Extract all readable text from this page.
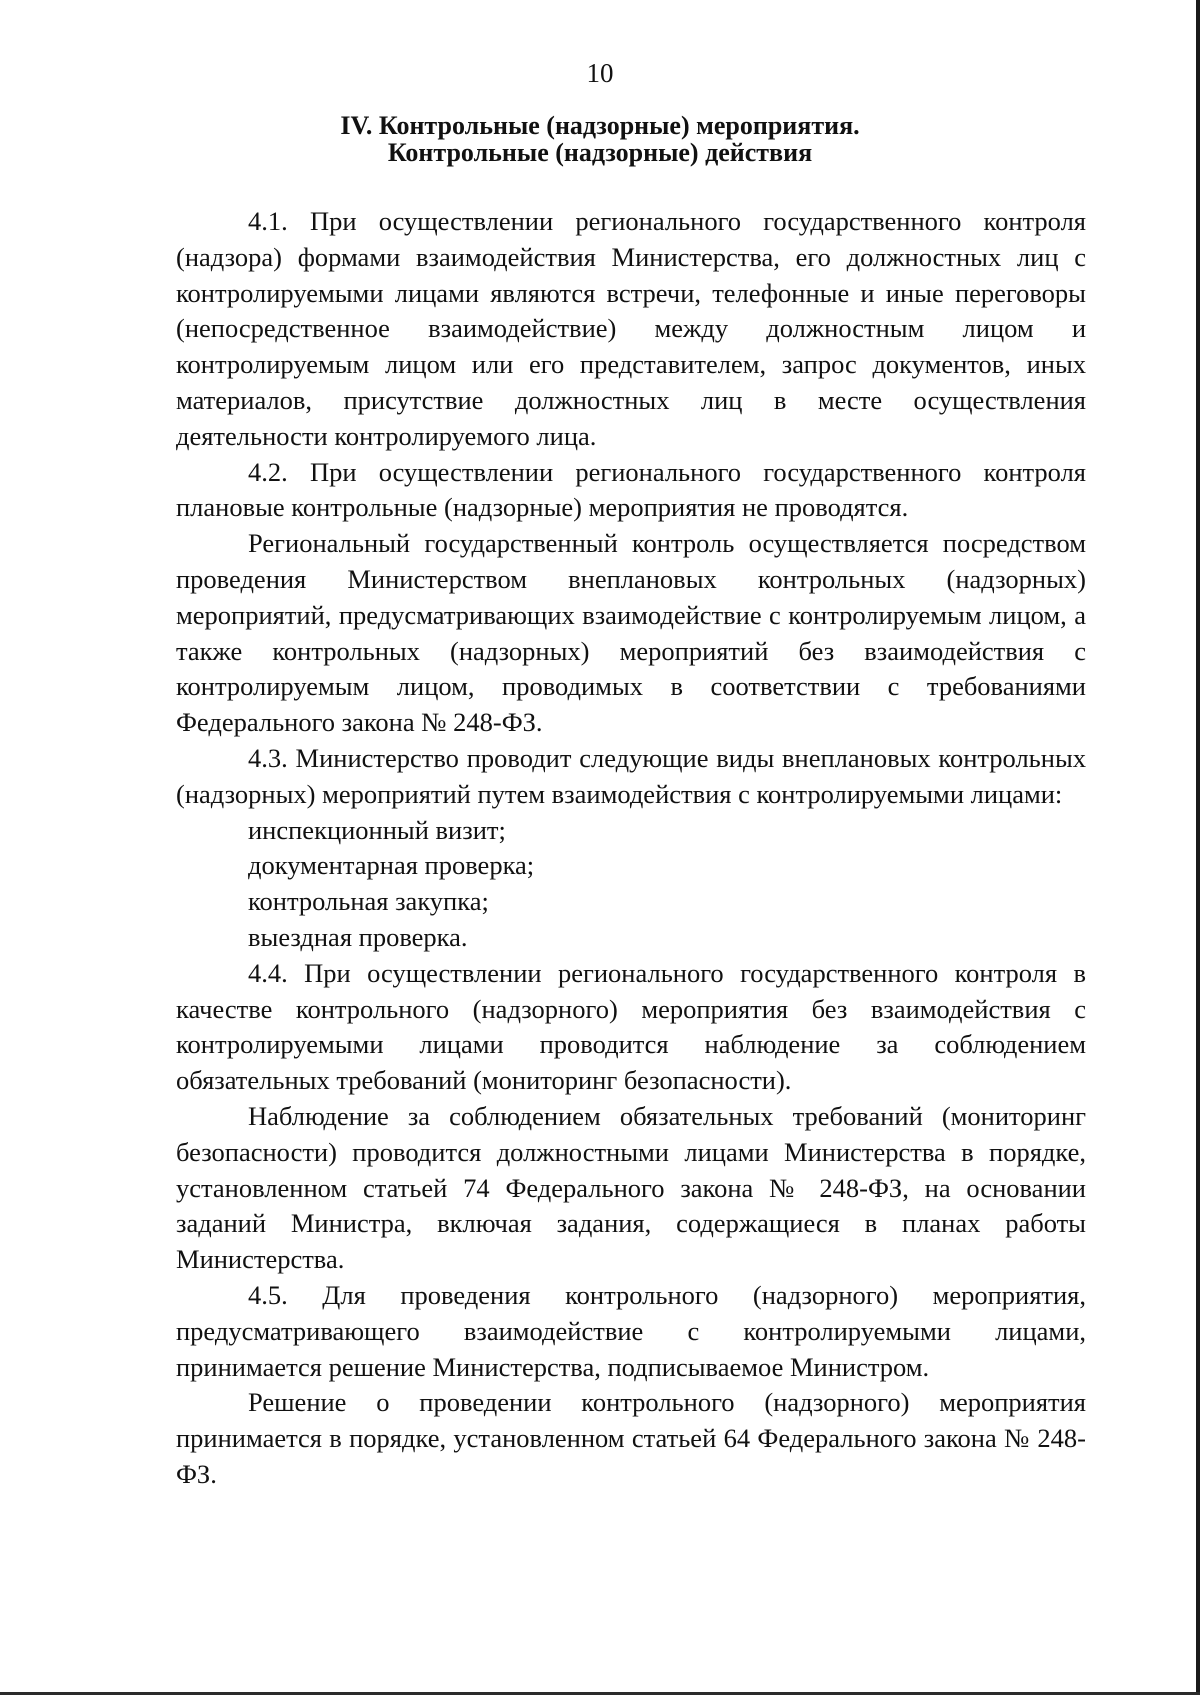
10
IV. Контрольные (надзорные) мероприятия.
Контрольные (надзорные) действия

4.1. При осуществлении регионального государственного контроля (надзора) формами взаимодействия Министерства, его должностных лиц с контролируемыми лицами являются встречи, телефонные и иные переговоры (непосредственное взаимодействие) между должностным лицом и контролируемым лицом или его представителем, запрос документов, иных материалов, присутствие должностных лиц в месте осуществления деятельности контролируемого лица.

4.2. При осуществлении регионального государственного контроля плановые контрольные (надзорные) мероприятия не проводятся.

Региональный государственный контроль осуществляется посредством проведения Министерством внеплановых контрольных (надзорных) мероприятий, предусматривающих взаимодействие с контролируемым лицом, а также контрольных (надзорных) мероприятий без взаимодействия с контролируемым лицом, проводимых в соответствии с требованиями Федерального закона № 248-ФЗ.

4.3. Министерство проводит следующие виды внеплановых контрольных (надзорных) мероприятий путем взаимодействия с контролируемыми лицами:

инспекционный визит;

документарная проверка;

контрольная закупка;

выездная проверка.

4.4. При осуществлении регионального государственного контроля в качестве контрольного (надзорного) мероприятия без взаимодействия с контролируемыми лицами проводится наблюдение за соблюдением обязательных требований (мониторинг безопасности).

Наблюдение за соблюдением обязательных требований (мониторинг безопасности) проводится должностными лицами Министерства в порядке, установленном статьей 74 Федерального закона № 248-ФЗ, на основании заданий Министра, включая задания, содержащиеся в планах работы Министерства.

4.5. Для проведения контрольного (надзорного) мероприятия, предусматривающего взаимодействие с контролируемыми лицами, принимается решение Министерства, подписываемое Министром.

Решение о проведении контрольного (надзорного) мероприятия принимается в порядке, установленном статьей 64 Федерального закона № 248-ФЗ.
